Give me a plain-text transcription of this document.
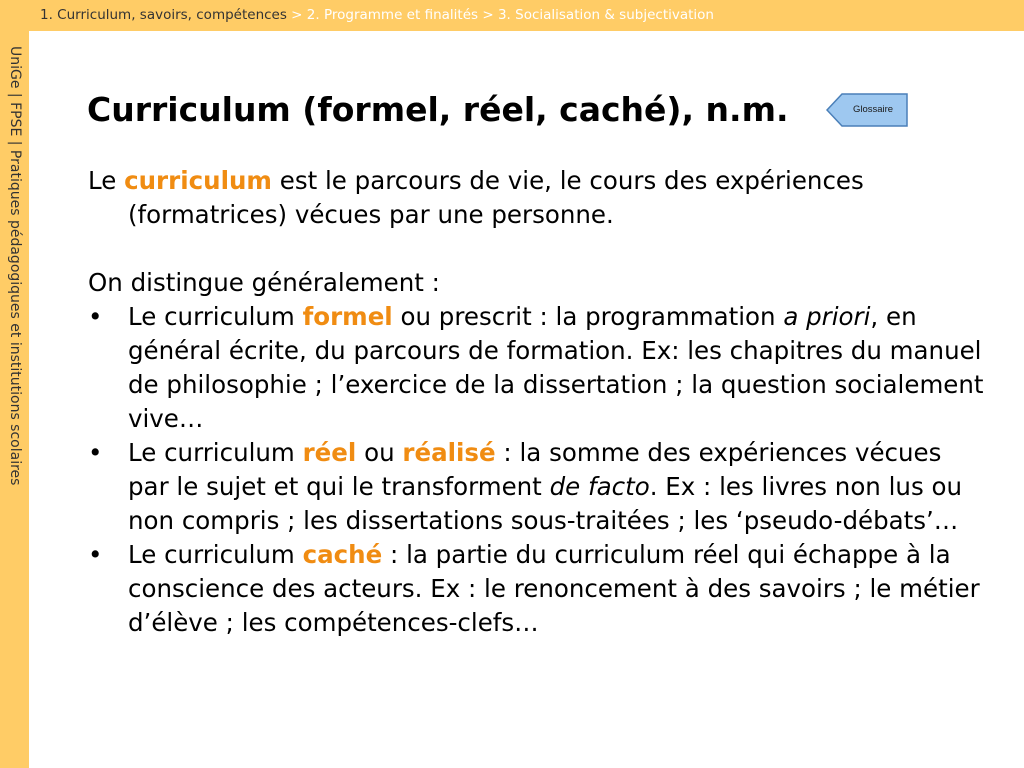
1. Curriculum, savoirs, compétences > 2. Programme et finalités > 3. Socialisation & subjectivation
UniGe | FPSE | Pratiques pédagogiques et institutions scolaires Curriculum (formel, réel, caché), n.m.	Glossaire

Le curriculum est le parcours de vie, le cours des expériences (formatrices) vécues par une personne.

On distingue généralement :

• Le curriculum formel ou prescrit : la programmation a priori, en général écrite, du parcours de formation. Ex: les chapitres du manuel de philosophie ; l’exercice de la dissertation ; la question socialement vive…
• Le curriculum réel ou réalisé : la somme des expériences vécues par le sujet et qui le transforment de facto. Ex : les livres non lus ou non compris ; les dissertations sous-traitées ; les ‘pseudo-débats’…
• Le curriculum caché : la partie du curriculum réel qui échappe à la conscience des acteurs. Ex : le renoncement à des savoirs ; le métier d’élève ; les compétences-clefs…
